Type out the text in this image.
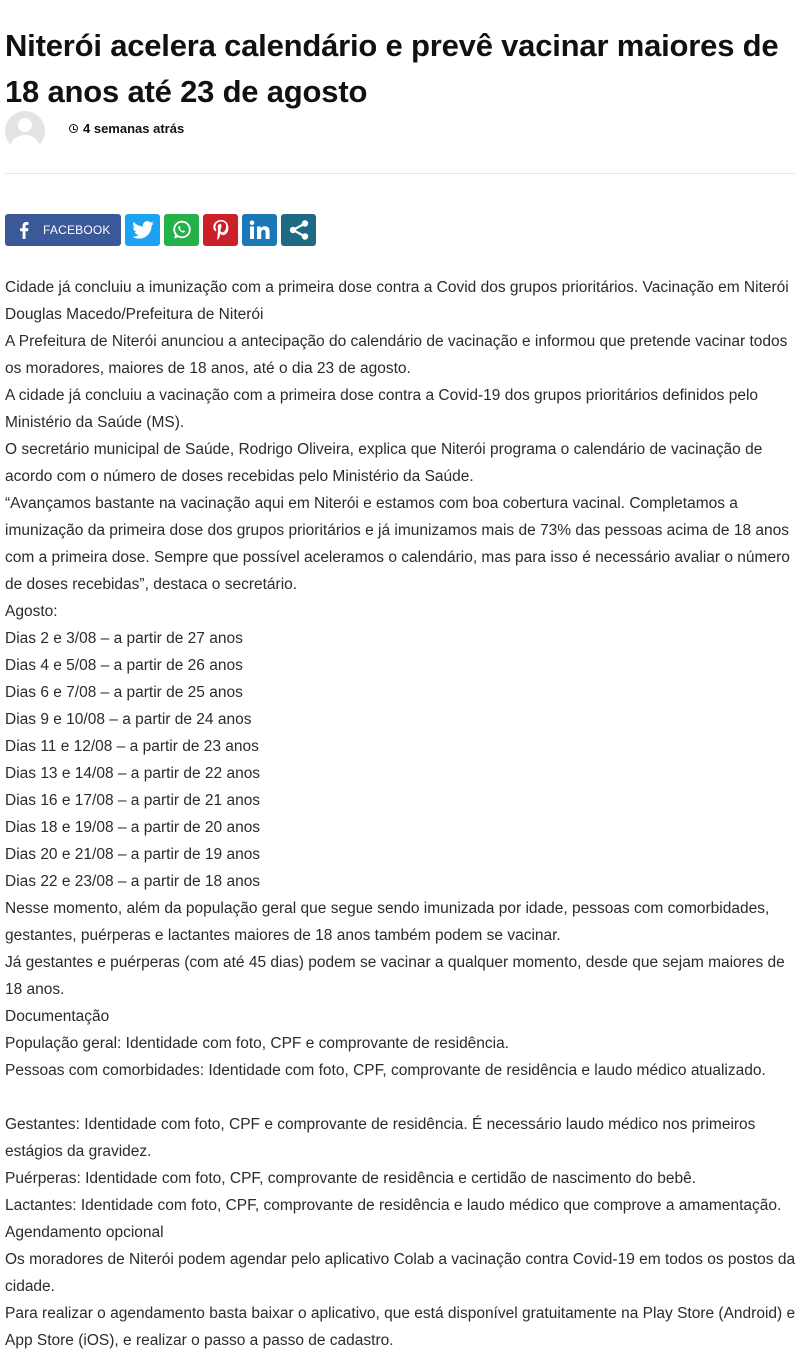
Niterói acelera calendário e prevê vacinar maiores de 18 anos até 23 de agosto
4 semanas atrás
FACEBOOK

Cidade já concluiu a imunização com a primeira dose contra a Covid dos grupos prioritários. Vacinação em Niterói Douglas Macedo/Prefeitura de Niterói

A Prefeitura de Niterói anunciou a antecipação do calendário de vacinação e informou que pretende vacinar todos os moradores, maiores de 18 anos, até o dia 23 de agosto.

A cidade já concluiu a vacinação com a primeira dose contra a Covid-19 dos grupos prioritários definidos pelo Ministério da Saúde (MS).

O secretário municipal de Saúde, Rodrigo Oliveira, explica que Niterói programa o calendário de vacinação de acordo com o número de doses recebidas pelo Ministério da Saúde.

“Avançamos bastante na vacinação aqui em Niterói e estamos com boa cobertura vacinal. Completamos a imunização da primeira dose dos grupos prioritários e já imunizamos mais de 73% das pessoas acima de 18 anos com a primeira dose. Sempre que possível aceleramos o calendário, mas para isso é necessário avaliar o número de doses recebidas”, destaca o secretário.

Agosto:

Dias 2 e 3/08 – a partir de 27 anos

Dias 4 e 5/08 – a partir de 26 anos

Dias 6 e 7/08 – a partir de 25 anos

Dias 9 e 10/08 – a partir de 24 anos

Dias 11 e 12/08 – a partir de 23 anos

Dias 13 e 14/08 – a partir de 22 anos

Dias 16 e 17/08 – a partir de 21 anos

Dias 18 e 19/08 – a partir de 20 anos

Dias 20 e 21/08 – a partir de 19 anos

Dias 22 e 23/08 – a partir de 18 anos

Nesse momento, além da população geral que segue sendo imunizada por idade, pessoas com comorbidades, gestantes, puérperas e lactantes maiores de 18 anos também podem se vacinar.

Já gestantes e puérperas (com até 45 dias) podem se vacinar a qualquer momento, desde que sejam maiores de 18 anos.

Documentação

População geral: Identidade com foto, CPF e comprovante de residência.

Pessoas com comorbidades: Identidade com foto, CPF, comprovante de residência e laudo médico atualizado.

Gestantes: Identidade com foto, CPF e comprovante de residência. É necessário laudo médico nos primeiros estágios da gravidez.

Puérperas: Identidade com foto, CPF, comprovante de residência e certidão de nascimento do bebê.

Lactantes: Identidade com foto, CPF, comprovante de residência e laudo médico que comprove a amamentação.

Agendamento opcional

Os moradores de Niterói podem agendar pelo aplicativo Colab a vacinação contra Covid-19 em todos os postos da cidade.

Para realizar o agendamento basta baixar o aplicativo, que está disponível gratuitamente na Play Store (Android) e App Store (iOS), e realizar o passo a passo de cadastro.
